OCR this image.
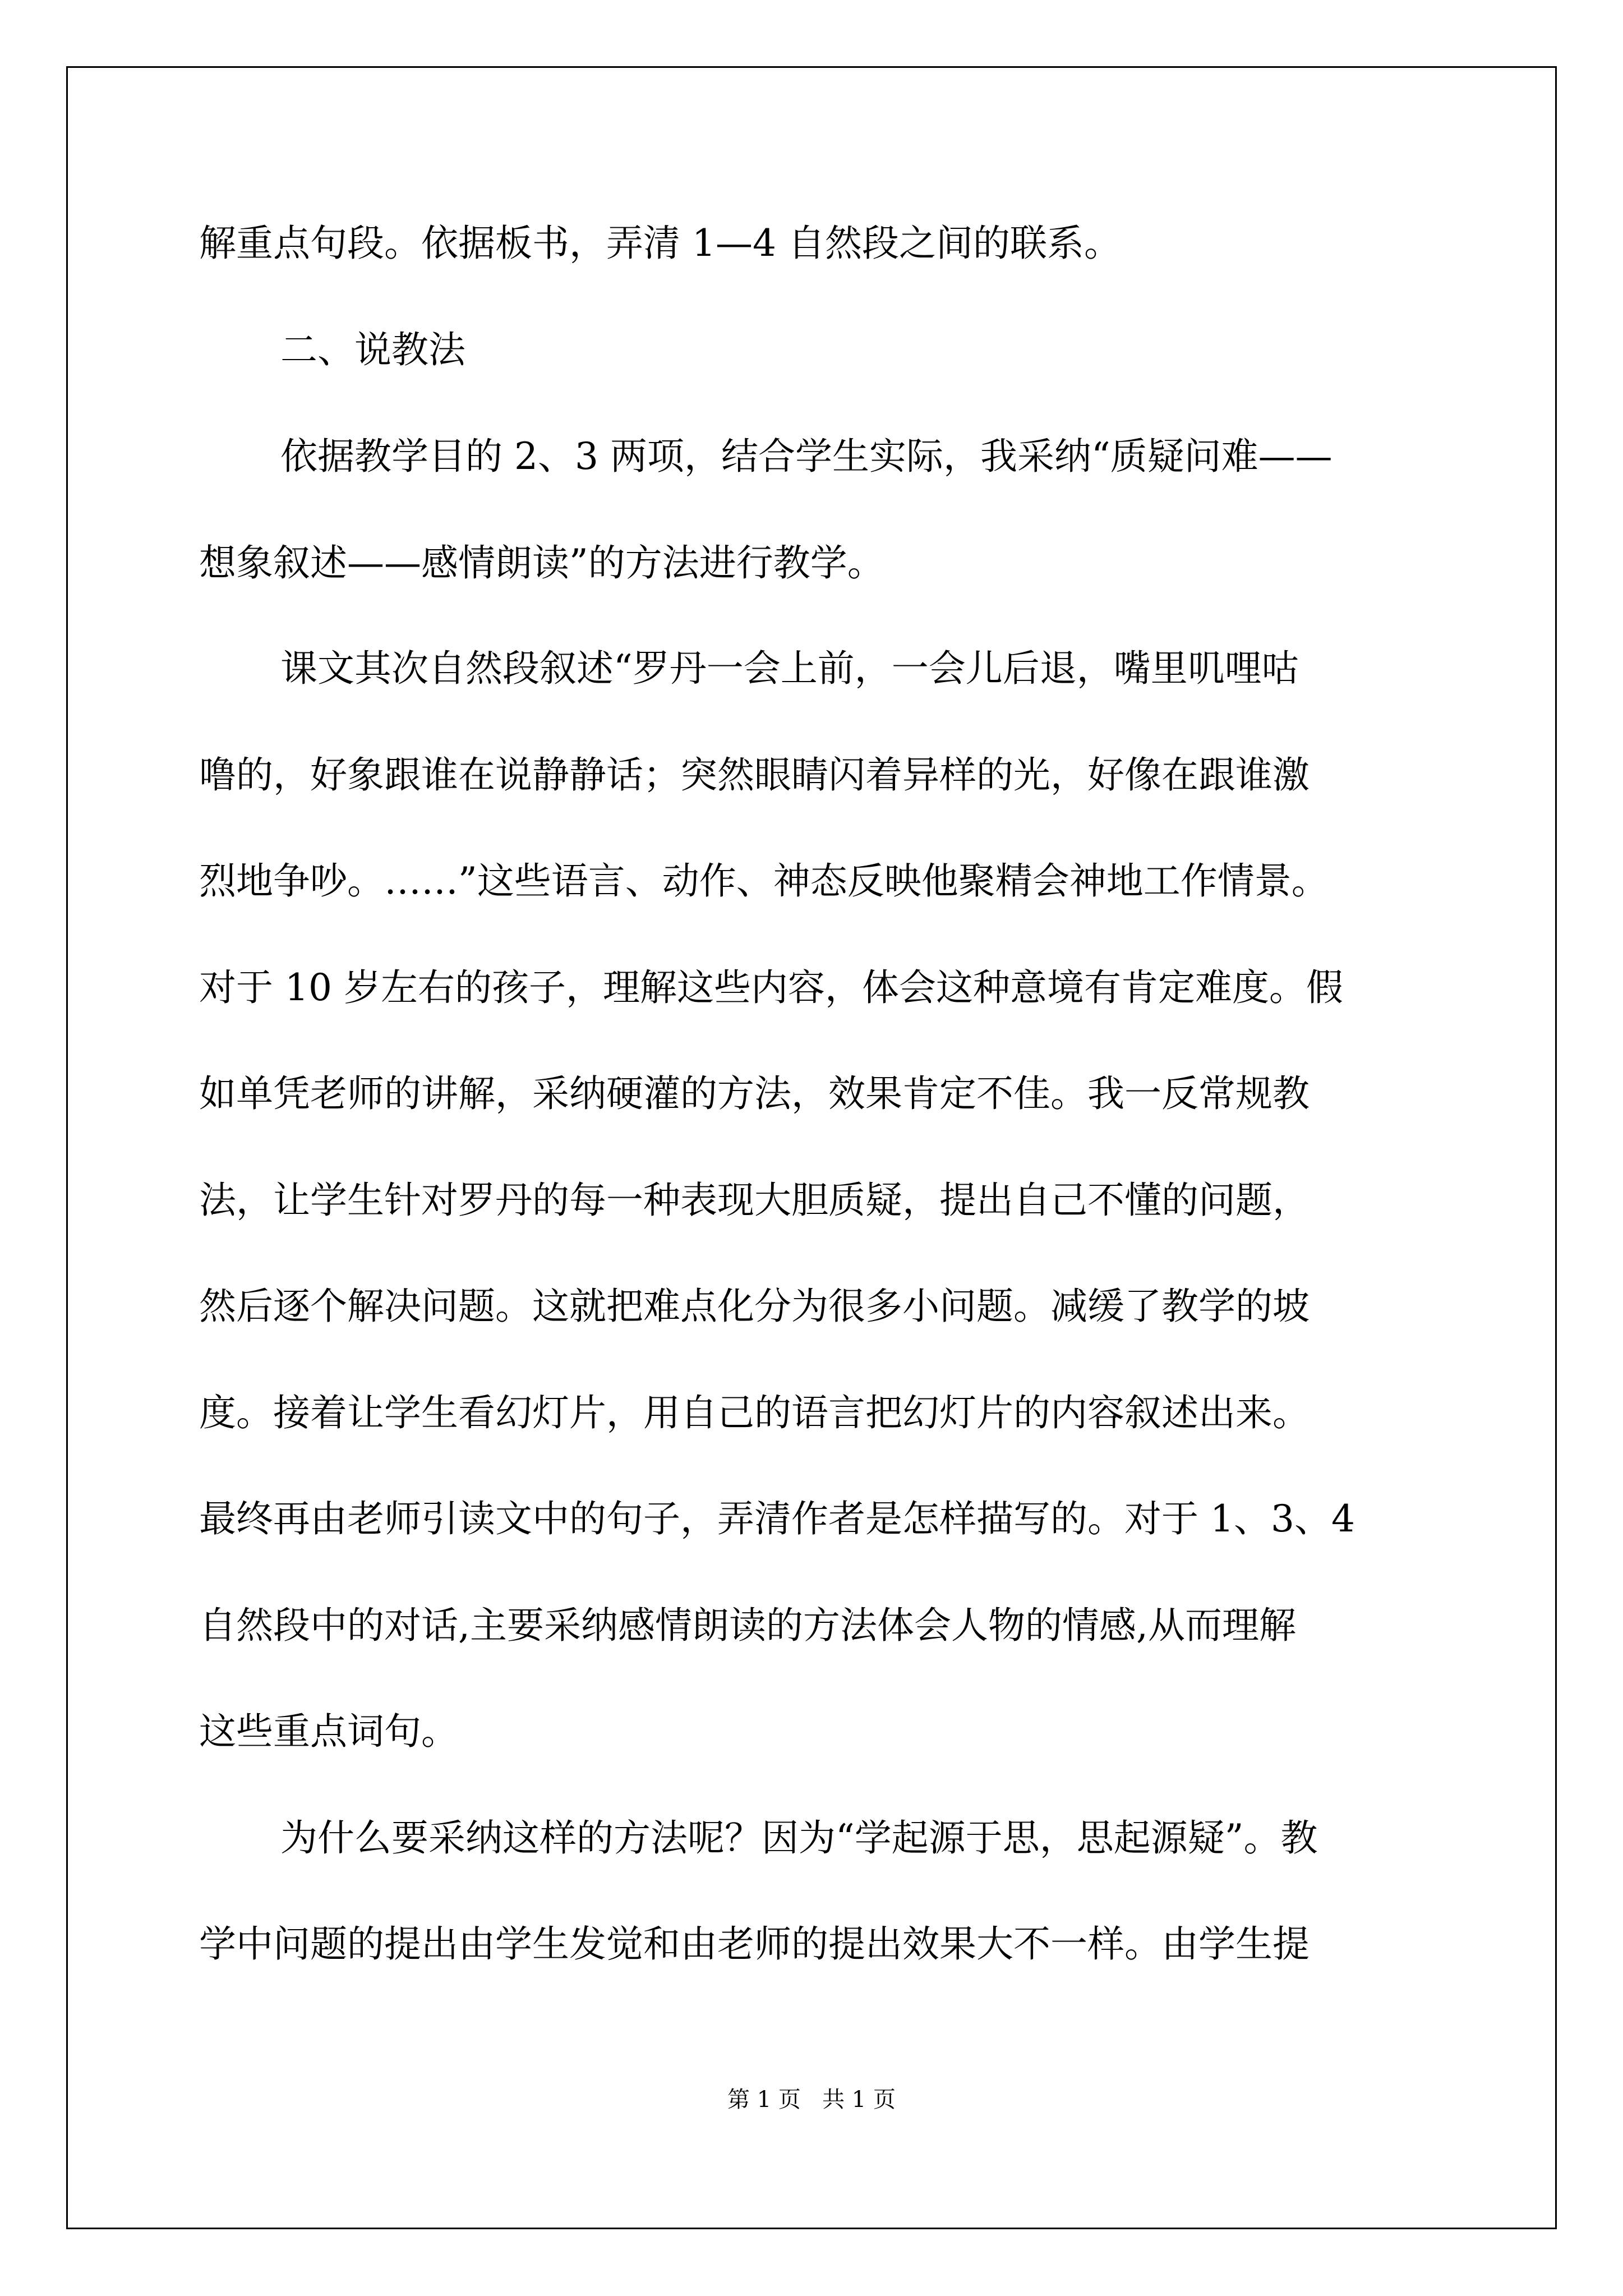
解重点句段。依据板书，弄清 1—4 自然段之间的联系。

二、说教法

依据教学目的 2、3 两项，结合学生实际，我采纳“质疑问难——

想象叙述——感情朗读”的方法进行教学。

课文其次自然段叙述“罗丹一会上前，一会儿后退，嘴里叽哩咕

噜的，好象跟谁在说静静话；突然眼睛闪着异样的光，好像在跟谁激

烈地争吵。……”这些语言、动作、神态反映他聚精会神地工作情景。

对于 10 岁左右的孩子，理解这些内容，体会这种意境有肯定难度。假

如单凭老师的讲解，采纳硬灌的方法，效果肯定不佳。我一反常规教

法，让学生针对罗丹的每一种表现大胆质疑，提出自己不懂的问题，

然后逐个解决问题。这就把难点化分为很多小问题。减缓了教学的坡

度。接着让学生看幻灯片，用自己的语言把幻灯片的内容叙述出来。

最终再由老师引读文中的句子，弄清作者是怎样描写的。对于 1、3、4

自然段中的对话,主要采纳感情朗读的方法体会人物的情感,从而理解

这些重点词句。

为什么要采纳这样的方法呢？因为“学起源于思，思起源疑”。教

学中问题的提出由学生发觉和由老师的提出效果大不一样。由学生提

第 1 页   共 1 页
